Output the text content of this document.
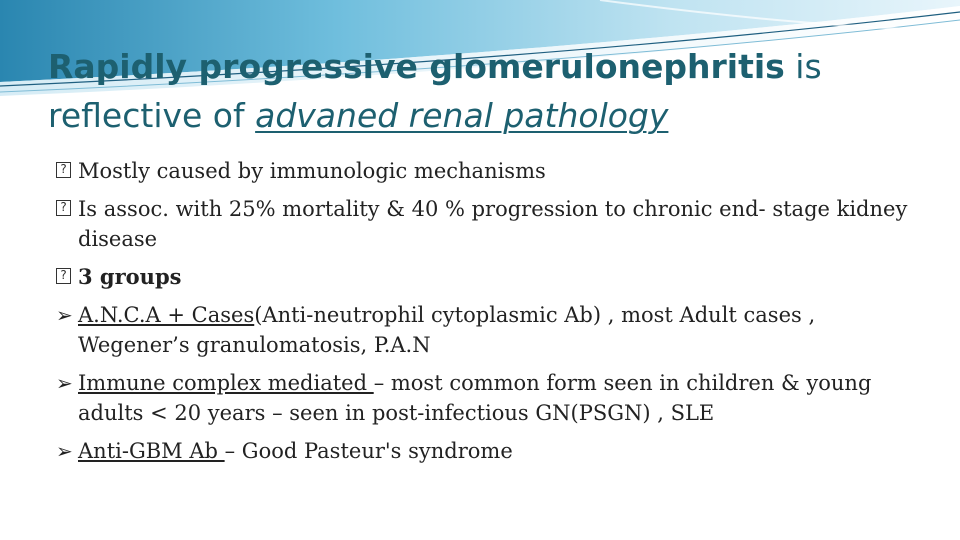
Rapidly progressive glomerulonephritis is reflective of advaned renal pathology
? Mostly caused by immunologic mechanisms
? Is assoc. with 25% mortality & 40 % progression to chronic end- stage kidney disease
? 3 groups
➢ A.N.C.A + Cases(Anti-neutrophil cytoplasmic Ab) , most Adult cases , Wegener’s granulomatosis, P.A.N
➢ Immune complex mediated – most common form seen in children & young adults < 20 years – seen in post-infectious GN(PSGN) , SLE
➢ Anti-GBM Ab – Good Pasteur's syndrome
